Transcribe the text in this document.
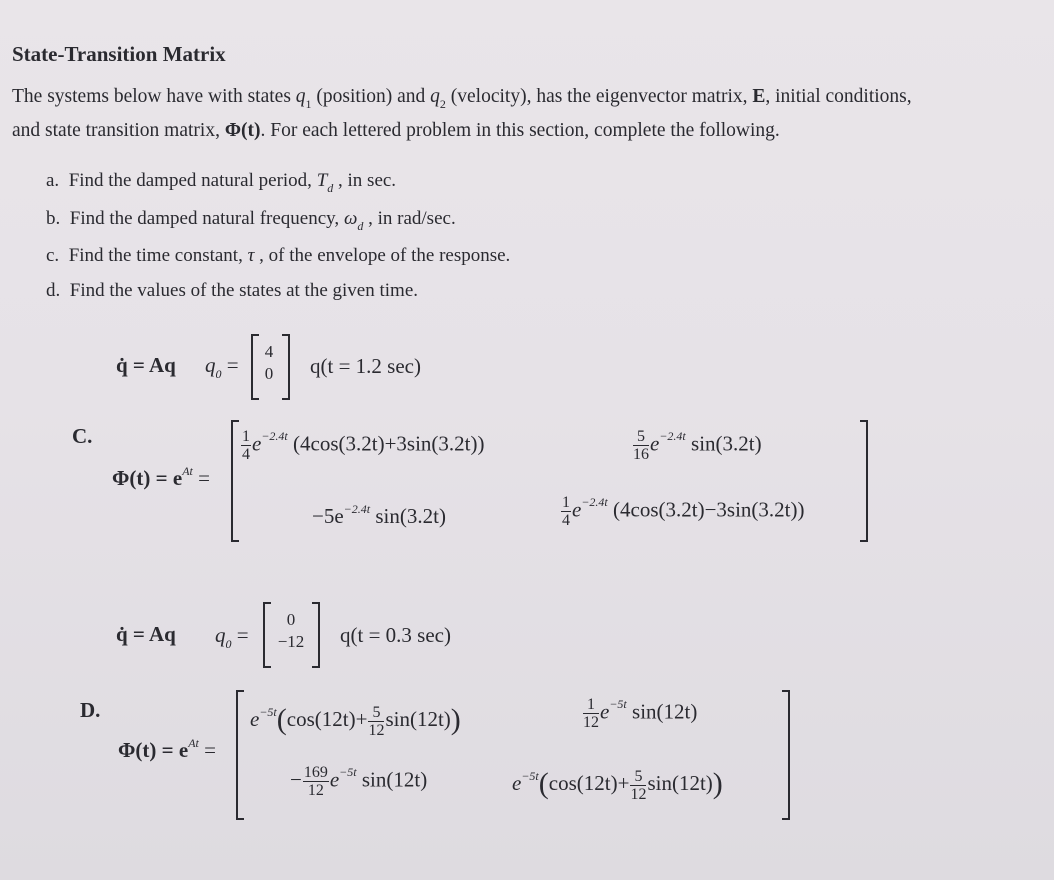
State-Transition Matrix
The systems below have with states $q_1$ (position) and $q_2$ (velocity), has the eigenvector matrix, E, initial conditions,
and state transition matrix, Φ(t). For each lettered problem in this section, complete the following.
a. Find the damped natural period, $T_d$ , in sec.
b. Find the damped natural frequency, $\omega_d$ , in rad/sec.
c. Find the time constant, τ , of the envelope of the response.
d. Find the values of the states at the given time.
q̇ = Aq $q_0$ =
4
0	q(t = 1.2 sec)
C.
$\Phi(t) = e^{At}$ =
$\frac{1}{4} e^{-2.4t}$ (4cos(3.2t)+3sin(3.2t))	$\frac{5}{16} e^{-2.4t}$ sin(3.2t)
$-5e^{-2.4t}$ sin(3.2t)	$\frac{1}{4} e^{-2.4t}$ (4cos(3.2t)−3sin(3.2t))
q̇ = Aq $q_0$ =
0
−12	q(t = 0.3 sec)
D.
$\Phi(t) = e^{At}$ =
$e^{-5t}(\cos(12t)+ \frac{5}{12} \sin(12t))$	$\frac{1}{12} e^{-5t}$ sin(12t)
− $\frac{169}{12} e^{-5t}$ sin(12t)	$e^{-5t}(\cos(12t)+ \frac{5}{12} \sin(12t))$
